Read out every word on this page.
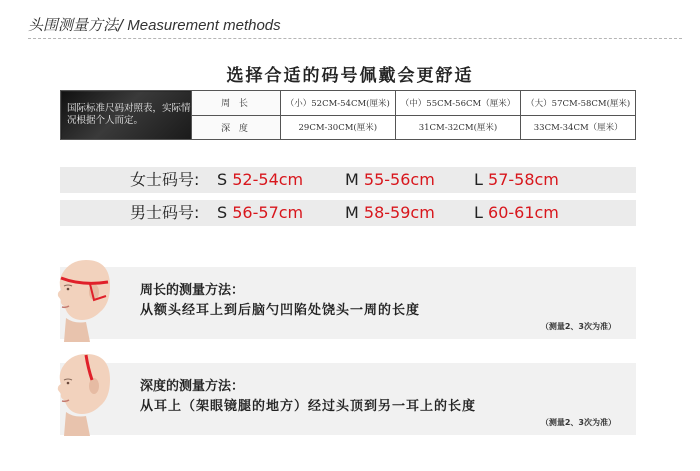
头围测量方法/ Measurement methods
选择合适的码号佩戴会更舒适
国际标准尺码对照表，实际情况根据个人而定。	周 长	（小）52CM-54CM(厘米)	（中）55CM-56CM（厘米）	（大）57CM-58CM(厘米)
	深 度	29CM-30CM(厘米)	31CM-32CM(厘米)	33CM-34CM（厘米）
女士码号: S 52-54cm	M 55-56cm L 57-58cm
男士码号: S 56-57cm	M 58-59cm L 60-61cm
周长的测量方法：
从额头经耳上到后脑勺凹陷处饶头一周的长度
（测量2、3次为准）
深度的测量方法：
从耳上（架眼镜腿的地方）经过头顶到另一耳上的长度
（测量2、3次为准）
